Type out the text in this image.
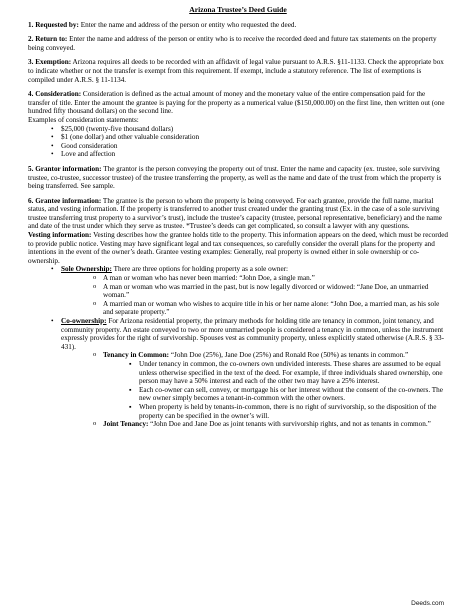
Arizona Trustee’s Deed Guide

1. Requested by: Enter the name and address of the person or entity who requested the deed.

2. Return to: Enter the name and address of the person or entity who is to receive the recorded deed and future tax statements on the property being conveyed.

3. Exemption: Arizona requires all deeds to be recorded with an affidavit of legal value pursuant to A.R.S. §11-1133. Check the appropriate box to indicate whether or not the transfer is exempt from this requirement. If exempt, include a statutory reference. The list of exemptions is compiled under A.R.S. § 11-1134.

4. Consideration: Consideration is defined as the actual amount of money and the monetary value of the entire compensation paid for the transfer of title. Enter the amount the grantee is paying for the property as a numerical value ($150,000.00) on the first line, then written out (one hundred fifty thousand dollars) on the second line.

Examples of consideration statements:
• $25,000 (twenty-five thousand dollars)
• $1 (one dollar) and other valuable consideration
• Good consideration
• Love and affection

5. Grantor information: The grantor is the person conveying the property out of trust. Enter the name and capacity (ex. trustee, sole surviving trustee, co-trustee, successor trustee) of the trustee transferring the property, as well as the name and date of the trust from which the property is being transferred. See sample.

6. Grantee information: The grantee is the person to whom the property is being conveyed. For each grantee, provide the full name, marital status, and vesting information. If the property is transferred to another trust created under the granting trust (Ex. in the case of a sole surviving trustee transferring trust property to a survivor’s trust), include the trustee’s capacity (trustee, personal representative, beneficiary) and the name and date of the trust under which they serve as trustee. *Trustee’s deeds can get complicated, so consult a lawyer with any questions.

Vesting information: Vesting describes how the grantee holds title to the property. This information appears on the deed, which must be recorded to provide public notice. Vesting may have significant legal and tax consequences, so carefully consider the overall plans for the property and intentions in the event of the owner’s death. Grantee vesting examples: Generally, real property is owned either in sole ownership or co-ownership.

• Sole Ownership: There are three options for holding property as a sole owner:
o A man or woman who has never been married: “John Doe, a single man.”
o A man or woman who was married in the past, but is now legally divorced or widowed: “Jane Doe, an unmarried woman.”
o A married man or woman who wishes to acquire title in his or her name alone: “John Doe, a married man, as his sole and separate property.”
• Co-ownership: For Arizona residential property, the primary methods for holding title are tenancy in common, joint tenancy, and community property. An estate conveyed to two or more unmarried people is considered a tenancy in common, unless the instrument expressly provides for the right of survivorship. Spouses vest as community property, unless explicitly stated otherwise (A.R.S. § 33-431).
o Tenancy in Common: “John Doe (25%), Jane Doe (25%) and Ronald Roe (50%) as tenants in common.”
▪ Under tenancy in common, the co-owners own undivided interests. These shares are assumed to be equal unless otherwise specified in the text of the deed. For example, if three individuals shared ownership, one person may have a 50% interest and each of the other two may have a 25% interest.
▪ Each co-owner can sell, convey, or mortgage his or her interest without the consent of the co-owners. The new owner simply becomes a tenant-in-common with the other owners.
▪ When property is held by tenants-in-common, there is no right of survivorship, so the disposition of the property can be specified in the owner’s will.
o Joint Tenancy: “John Doe and Jane Doe as joint tenants with survivorship rights, and not as tenants in common.”
Deeds.com
